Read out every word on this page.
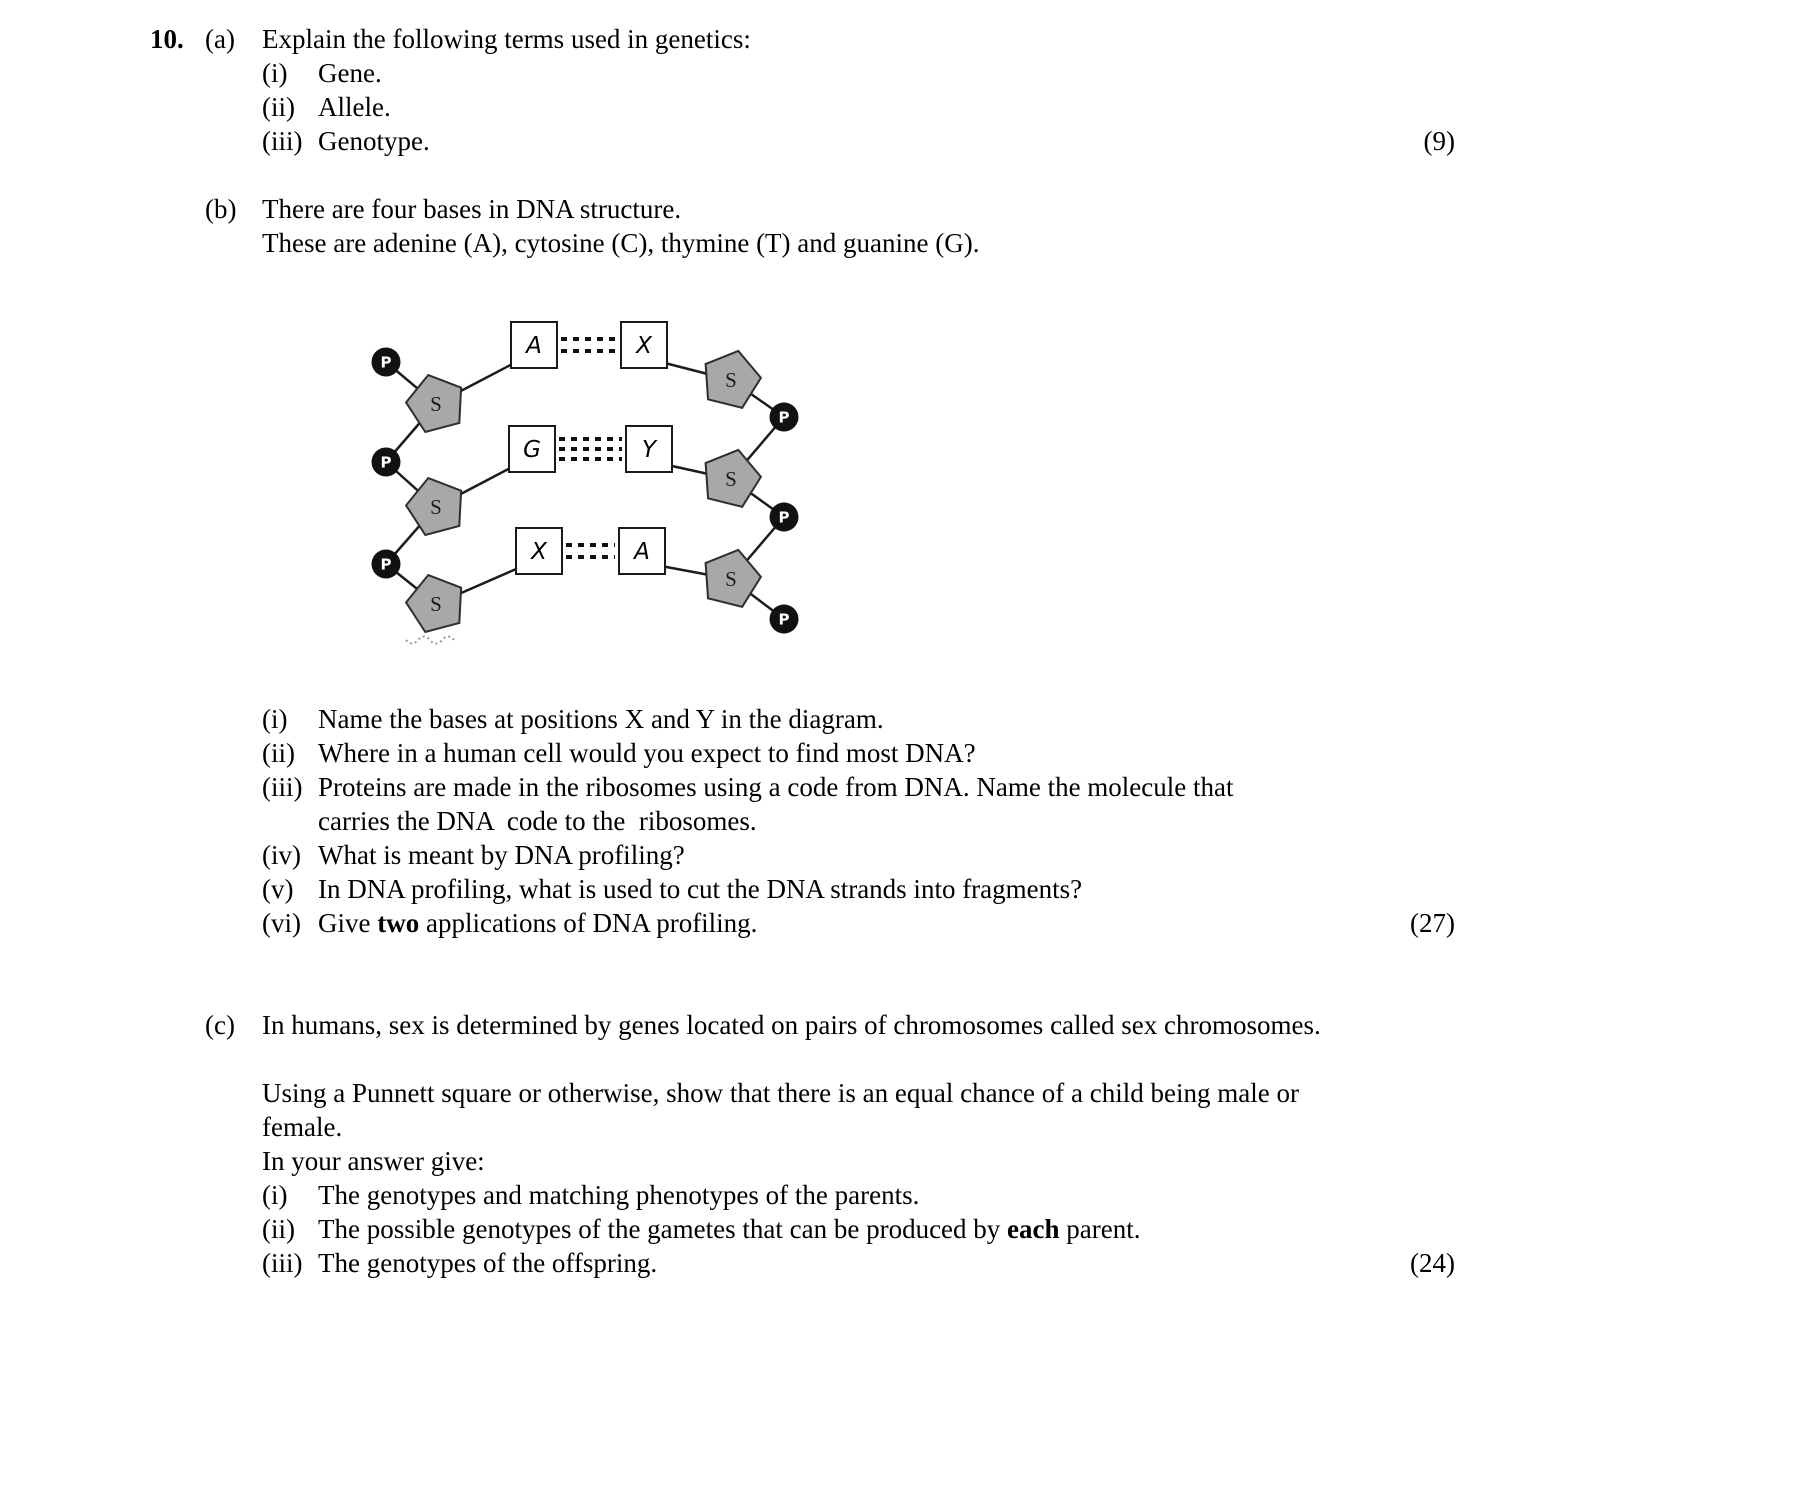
10. (a)	Explain the following terms used in genetics:
(i)	Gene.
(ii) Allele.
(iii) Genotype.	(9)
(b) There are four bases in DNA structure.
These are adenine (A), cytosine (C), thymine (T) and guanine (G).
S
S
S
S
S
S
P
P
P
P
P
P
A
G
X
X
Y
A
(i)	Name the bases at positions X and Y in the diagram.
(ii) Where in a human cell would you expect to find most DNA?
(iii) Proteins are made in the ribosomes using a code from DNA. Name the molecule that
carries the DNA  code to the  ribosomes.
(iv) What is meant by DNA profiling?
(v) In DNA profiling, what is used to cut the DNA strands into fragments?
(vi) Give two applications of DNA profiling.	(27)
(c)	In humans, sex is determined by genes located on pairs of chromosomes called sex chromosomes.
Using a Punnett square or otherwise, show that there is an equal chance of a child being male or
female.
In your answer give:
(i)	The genotypes and matching phenotypes of the parents.
(ii) The possible genotypes of the gametes that can be produced by each parent.
(iii) The genotypes of the offspring.	(24)
